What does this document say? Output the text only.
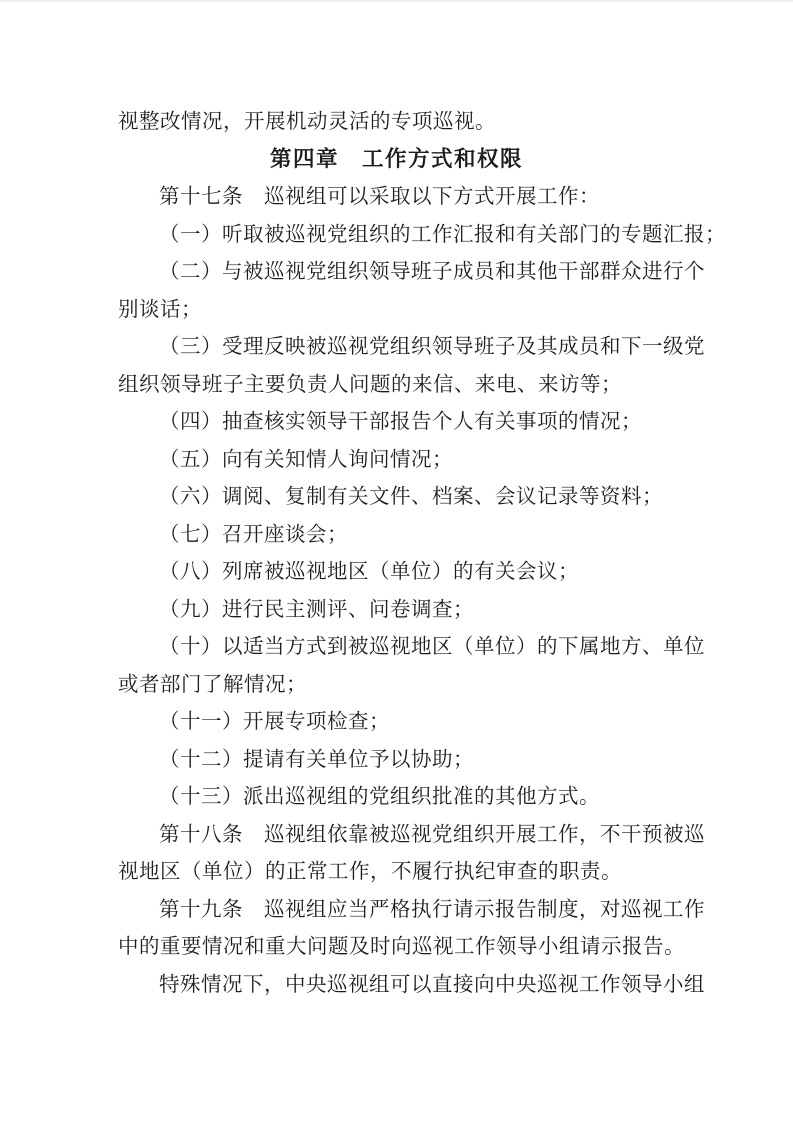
视整改情况，开展机动灵活的专项巡视。
第四章　工作方式和权限
第十七条　巡视组可以采取以下方式开展工作：
（一）听取被巡视党组织的工作汇报和有关部门的专题汇报；
（二）与被巡视党组织领导班子成员和其他干部群众进行个
别谈话；
（三）受理反映被巡视党组织领导班子及其成员和下一级党
组织领导班子主要负责人问题的来信、来电、来访等；
（四）抽查核实领导干部报告个人有关事项的情况；
（五）向有关知情人询问情况；
（六）调阅、复制有关文件、档案、会议记录等资料；
（七）召开座谈会；
（八）列席被巡视地区（单位）的有关会议；
（九）进行民主测评、问卷调查；
（十）以适当方式到被巡视地区（单位）的下属地方、单位
或者部门了解情况；
（十一）开展专项检查；
（十二）提请有关单位予以协助；
（十三）派出巡视组的党组织批准的其他方式。
第十八条　巡视组依靠被巡视党组织开展工作，不干预被巡
视地区（单位）的正常工作，不履行执纪审查的职责。
第十九条　巡视组应当严格执行请示报告制度，对巡视工作
中的重要情况和重大问题及时向巡视工作领导小组请示报告。
特殊情况下，中央巡视组可以直接向中央巡视工作领导小组
